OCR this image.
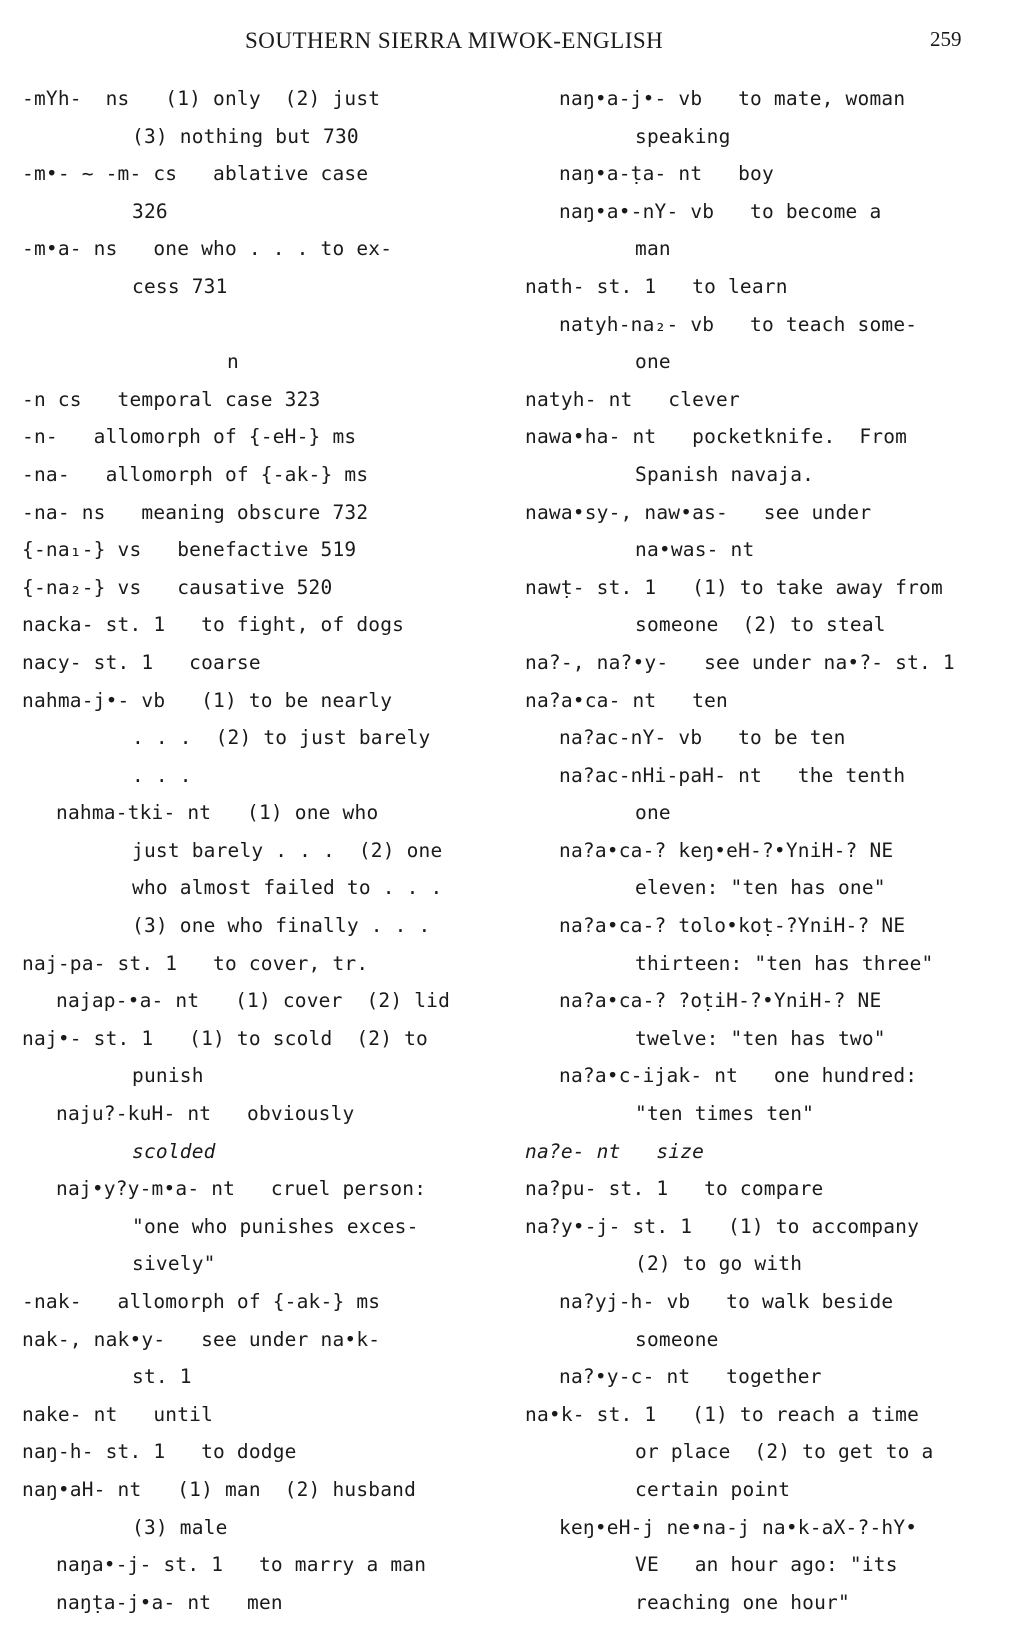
SOUTHERN SIERRA MIWOK-ENGLISH	259
-mYh-  ns   (1) only  (2) just
(3) nothing but 730
-m•- ~ -m- cs   ablative case
326
-m•a- ns   one who . . . to ex-
cess 731
n
-n cs   temporal case 323
-n-   allomorph of {-eH-} ms
-na-   allomorph of {-ak-} ms
-na- ns   meaning obscure 732
{-na₁-} vs   benefactive 519
{-na₂-} vs   causative 520
nacka- st. 1   to fight, of dogs
nacy- st. 1   coarse
nahma-j•- vb   (1) to be nearly
. . .  (2) to just barely
. . .
nahma-tki- nt   (1) one who
just barely . . .  (2) one
who almost failed to . . .
(3) one who finally . . .
naj-pa- st. 1   to cover, tr.
najap-•a- nt   (1) cover  (2) lid
naj•- st. 1   (1) to scold  (2) to
punish
naju?-kuH- nt   obviously
scolded
naj•y?y-m•a- nt   cruel person:
"one who punishes exces-
sively"
-nak-   allomorph of {-ak-} ms
nak-, nak•y-   see under na•k-
st. 1
nake- nt   until
naŋ-h- st. 1   to dodge
naŋ•aH- nt   (1) man  (2) husband
(3) male
naŋa•-j- st. 1   to marry a man
naŋṭa-j•a- nt   men
naŋ•a-j•- vb   to mate, woman
speaking
naŋ•a-ṭa- nt   boy
naŋ•a•-nY- vb   to become a
man
nath- st. 1   to learn
natyh-na₂- vb   to teach some-
one
natyh- nt   clever
nawa•ha- nt   pocketknife.  From
Spanish navaja.
nawa•sy-, naw•as-   see under
na•was- nt
nawṭ- st. 1   (1) to take away from
someone  (2) to steal
na?-, na?•y-   see under na•?- st. 1
na?a•ca- nt   ten
na?ac-nY- vb   to be ten
na?ac-nHi-paH- nt   the tenth
one
na?a•ca-? keŋ•eH-?•YniH-? NE
eleven: "ten has one"
na?a•ca-? tolo•koṭ-?YniH-? NE
thirteen: "ten has three"
na?a•ca-? ?oṭiH-?•YniH-? NE
twelve: "ten has two"
na?a•c-ijak- nt   one hundred:
"ten times ten"
na?e- nt   size
na?pu- st. 1   to compare
na?y•-j- st. 1   (1) to accompany
(2) to go with
na?yj-h- vb   to walk beside
someone
na?•y-c- nt   together
na•k- st. 1   (1) to reach a time
or place  (2) to get to a
certain point
keŋ•eH-j ne•na-j na•k-aX-?-hY•
VE   an hour ago: "its
reaching one hour"
